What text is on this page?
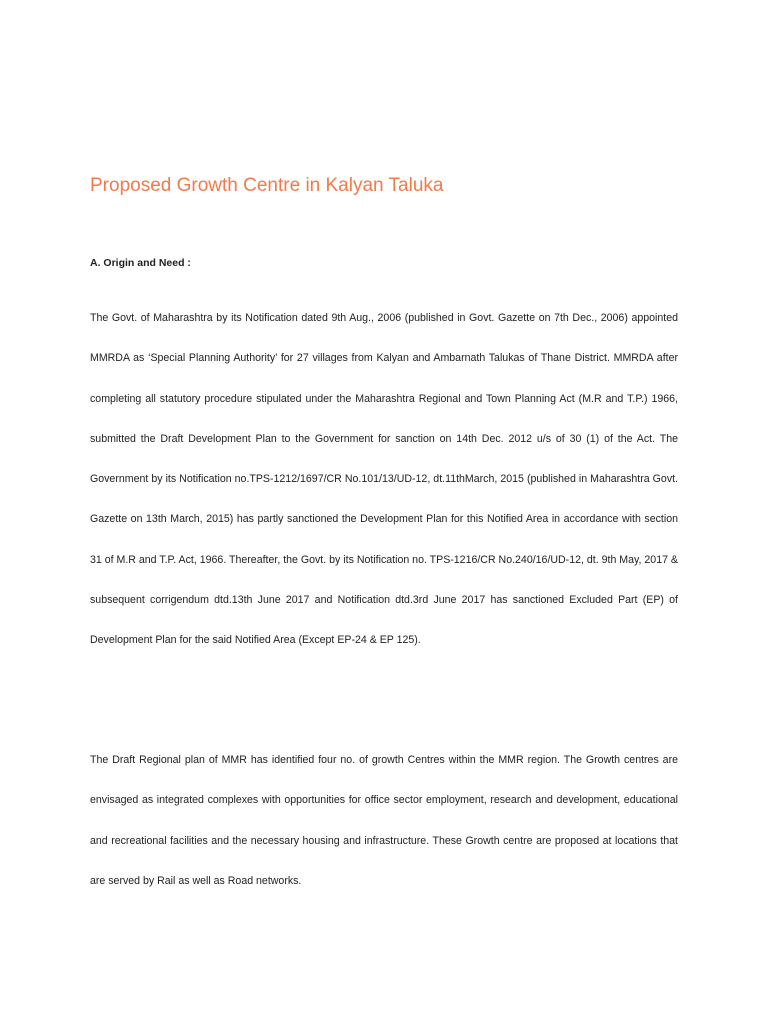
Proposed Growth Centre in Kalyan Taluka
A. Origin and Need :

The Govt. of Maharashtra by its Notification dated 9th Aug., 2006 (published in Govt. Gazette on 7th Dec., 2006) appointed MMRDA as ‘Special Planning Authority’ for 27 villages from Kalyan and Ambarnath Talukas of Thane District. MMRDA after completing all statutory procedure stipulated under the Maharashtra Regional and Town Planning Act (M.R and T.P.) 1966, submitted the Draft Development Plan to the Government for sanction on 14th Dec. 2012 u/s of 30 (1) of the Act. The Government by its Notification no.TPS-1212/1697/CR No.101/13/UD-12, dt.11thMarch, 2015 (published in Maharashtra Govt. Gazette on 13th March, 2015) has partly sanctioned the Development Plan for this Notified Area in accordance with section 31 of M.R and T.P. Act, 1966. Thereafter, the Govt. by its Notification no. TPS-1216/CR No.240/16/UD-12, dt. 9th May, 2017 & subsequent corrigendum dtd.13th June 2017 and Notification dtd.3rd June 2017 has sanctioned Excluded Part (EP) of Development Plan for the said Notified Area (Except EP-24 & EP 125).

The Draft Regional plan of MMR has identified four no. of growth Centres within the MMR region. The Growth centres are envisaged as integrated complexes with opportunities for office sector employment, research and development, educational and recreational facilities and the necessary housing and infrastructure. These Growth centre are proposed at locations that are served by Rail as well as Road networks.
